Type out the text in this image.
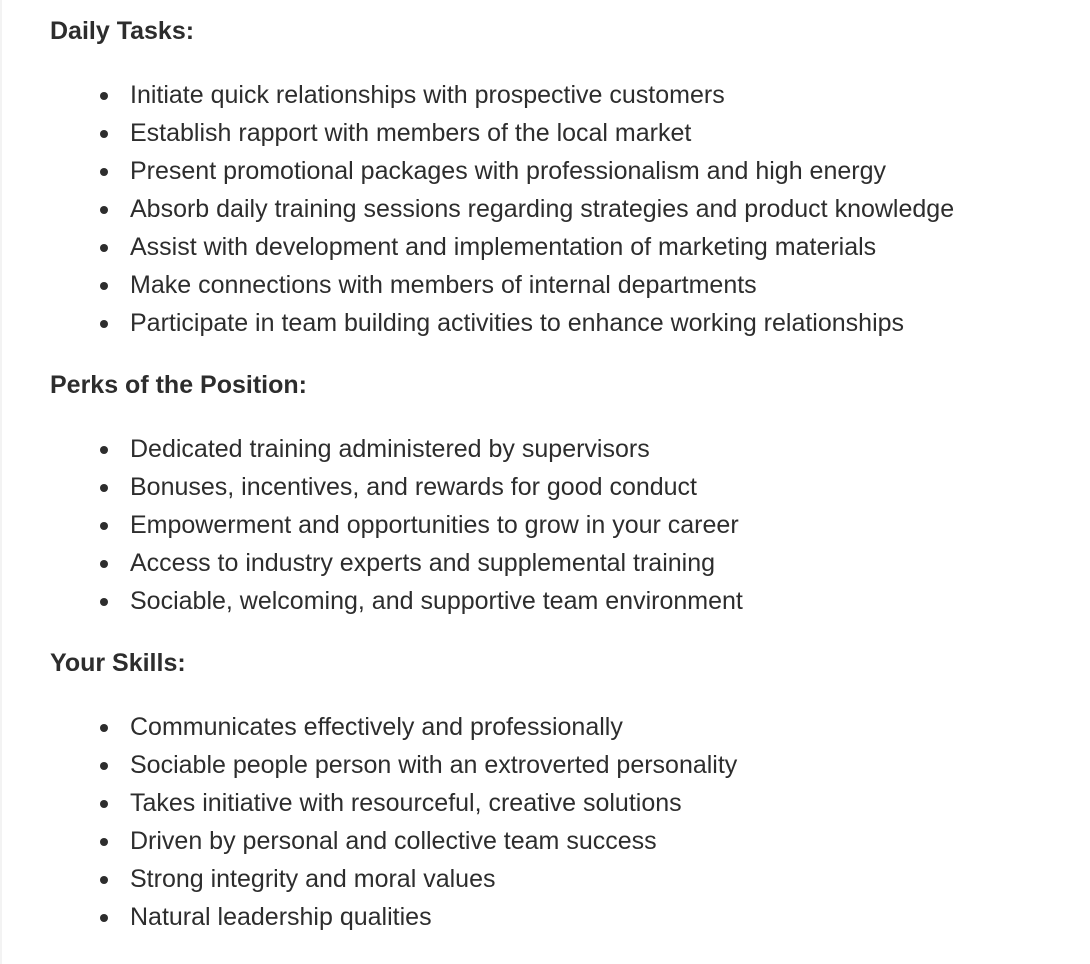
Daily Tasks:
Initiate quick relationships with prospective customers
Establish rapport with members of the local market
Present promotional packages with professionalism and high energy
Absorb daily training sessions regarding strategies and product knowledge
Assist with development and implementation of marketing materials
Make connections with members of internal departments
Participate in team building activities to enhance working relationships
Perks of the Position:
Dedicated training administered by supervisors
Bonuses, incentives, and rewards for good conduct
Empowerment and opportunities to grow in your career
Access to industry experts and supplemental training
Sociable, welcoming, and supportive team environment
Your Skills:
Communicates effectively and professionally
Sociable people person with an extroverted personality
Takes initiative with resourceful, creative solutions
Driven by personal and collective team success
Strong integrity and moral values
Natural leadership qualities
